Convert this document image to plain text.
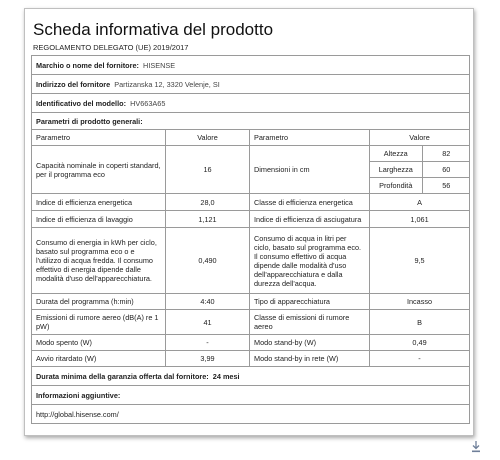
Scheda informativa del prodotto
REGOLAMENTO DELEGATO (UE) 2019/2017
Marchio o nome del fornitore: HISENSE
Indirizzo del fornitore Partizanska 12, 3320 Velenje, SI
Identificativo del modello: HV663A65
Parametri di prodotto generali:
Parametro	Valore	Parametro	Valore
Capacità nominale in coperti standard, per il programma eco	16	Dimensioni in cm	
Altezza	82
Larghezza	60
Profondità	56

Indice di efficienza energetica	28,0	Classe di efficienza energetica	A
Indice di efficienza di lavaggio	1,121	Indice di efficienza di asciugatura	1,061
Consumo di energia in kWh per ciclo, basato sul programma eco o e l'utilizzo di acqua fredda. Il consumo effettivo di energia dipende dalle modalità d'uso dell'apparecchiatura.	0,490	Consumo di acqua in litri per ciclo, basato sul programma eco. Il consumo effettivo di acqua dipende dalle modalità d'uso dell'apparecchiatura e dalla durezza dell'acqua.	9,5
Durata del programma (h:min)	4:40	Tipo di apparecchiatura	Incasso
Emissioni di rumore aereo (dB(A) re 1 pW)	41	Classe di emissioni di rumore aereo	B
Modo spento (W)	-	Modo stand-by (W)	0,49
Avvio ritardato (W)	3,99	Modo stand-by in rete (W)	-
Durata minima della garanzia offerta dal fornitore: 24 mesi
Informazioni aggiuntive:
http://global.hisense.com/
